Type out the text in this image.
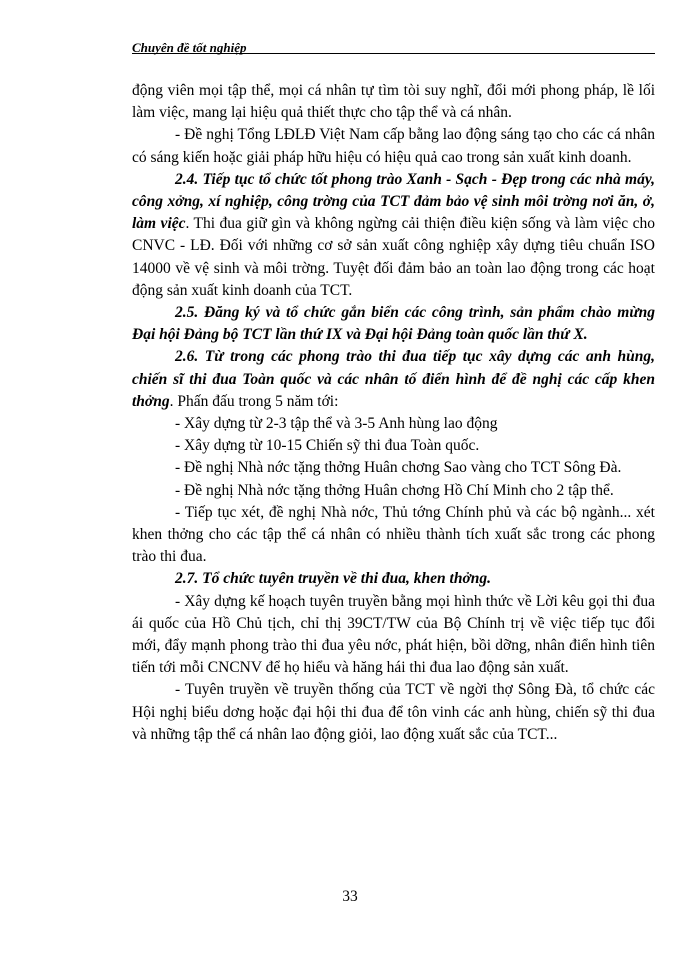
Chuyên đề tốt nghiệp

động viên mọi tập thể, mọi cá nhân tự tìm tòi suy nghĩ, đổi mới phong pháp, lề lối làm việc, mang lại hiệu quả thiết thực cho tập thể và cá nhân.

- Đề nghị Tổng LĐLĐ Việt Nam cấp bằng lao động sáng tạo cho các cá nhân có sáng kiến hoặc giải pháp hữu hiệu có hiệu quả cao trong sản xuất kinh doanh.

2.4. Tiếp tục tổ chức tốt phong trào Xanh - Sạch - Đẹp trong các nhà máy, công xởng, xí nghiệp, công trờng của TCT đảm bảo vệ sinh môi trờng nơi ăn, ở, làm việc. Thi đua giữ gìn và không ngừng cải thiện điều kiện sống và làm việc cho CNVC - LĐ. Đối với những cơ sở sản xuất công nghiệp xây dựng tiêu chuẩn ISO 14000 về vệ sinh và môi trờng. Tuyệt đối đảm bảo an toàn lao động trong các hoạt động sản xuất kinh doanh của TCT.

2.5. Đăng ký và tổ chức gắn biển các công trình, sản phẩm chào mừng Đại hội Đảng bộ TCT lần thứ IX và Đại hội Đảng toàn quốc lần thứ X.

2.6. Từ trong các phong trào thi đua tiếp tục xây dựng các anh hùng, chiến sĩ thi đua Toàn quốc và các nhân tố điển hình để đề nghị các cấp khen thởng. Phấn đấu trong 5 năm tới:

- Xây dựng từ 2-3 tập thể và 3-5 Anh hùng lao động

- Xây dựng từ 10-15 Chiến sỹ thi đua Toàn quốc.

- Đề nghị Nhà nớc tặng thởng Huân chơng Sao vàng cho TCT Sông Đà.

- Đề nghị Nhà nớc tặng thởng Huân chơng Hồ Chí Minh cho 2 tập thể.

- Tiếp tục xét, đề nghị Nhà nớc, Thủ tớng Chính phủ và các bộ ngành... xét khen thởng cho các tập thể cá nhân có nhiều thành tích xuất sắc trong các phong trào thi đua.

2.7. Tổ chức tuyên truyền về thi đua, khen thởng.

- Xây dựng kế hoạch tuyên truyền bằng mọi hình thức về Lời kêu gọi thi đua ái quốc của Hồ Chủ tịch, chỉ thị 39CT/TW của Bộ Chính trị về việc tiếp tục đổi mới, đẩy mạnh phong trào thi đua yêu nớc, phát hiện, bồi dỡng, nhân điển hình tiên tiến tới mỗi CNCNV để họ hiểu và hăng hái thi đua lao động sản xuất.

- Tuyên truyền về truyền thống của TCT về ngời thợ Sông Đà, tổ chức các Hội nghị biểu dơng hoặc đại hội thi đua để tôn vinh các anh hùng, chiến sỹ thi đua và những tập thể cá nhân lao động giỏi, lao động xuất sắc của TCT...

33
